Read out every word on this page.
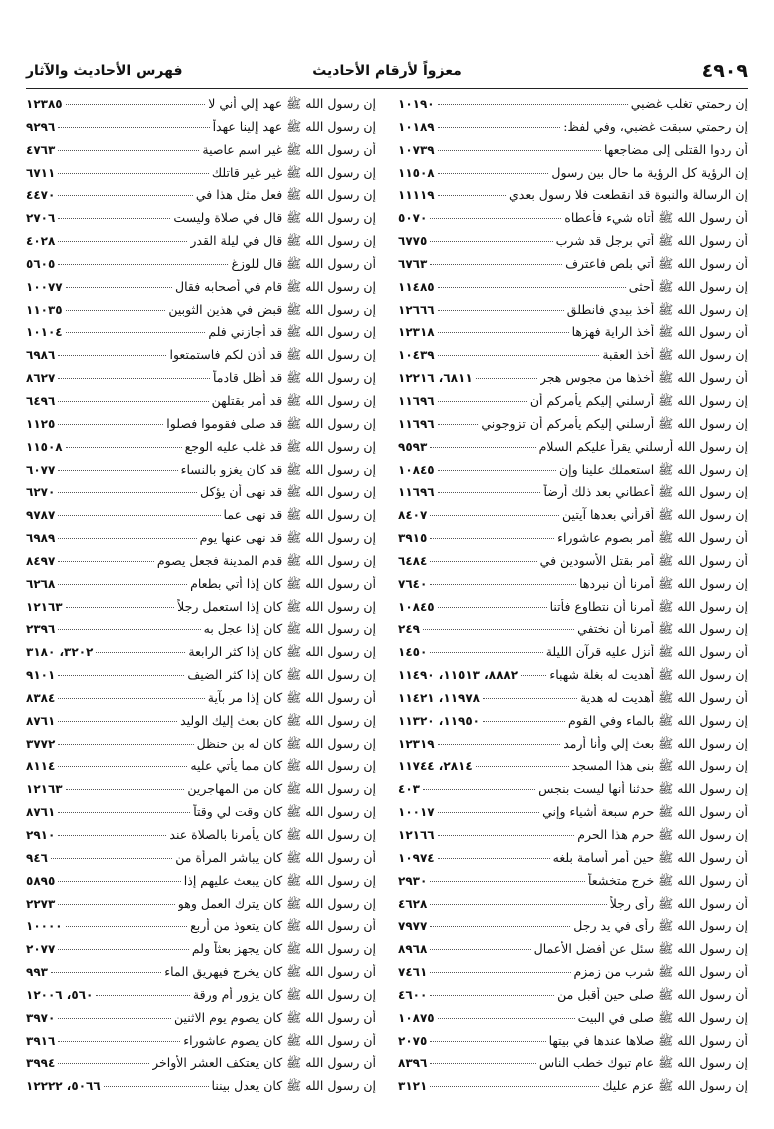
٤٩٠٩
معزواً لأرقام الأحاديث
فهرس الأحاديث والآثار
إن رحمتي تغلب غضبي
١٠١٩٠
إن رحمتي سبقت غضبي، وفي لفظ:
١٠١٨٩
أن ردوا القتلى إلى مضاجعها
١٠٧٣٩
إن الرؤية كل الرؤية ما حال بين رسول
١١٥٠٨
إن الرسالة والنبوة قد انقطعت فلا رسول بعدي
١١١١٩
أن رسول الله ﷺ أتاه شيء فأعطاه
٥٠٧٠
أن رسول الله ﷺ أتي برجل قد شرب
٦٧٧٥
أن رسول الله ﷺ أتي بلص فاعترف
٦٧٦٣
إن رسول الله ﷺ أحثى
١١٤٨٥
إن رسول الله ﷺ أخذ بيدي فانطلق
١٢٦٦٦
أن رسول الله ﷺ أخذ الراية فهزها
١٢٣١٨
إن رسول الله ﷺ أخذ العقبة
١٠٤٣٩
أن رسول الله ﷺ أخذها من مجوس هجر
٦٨١١، ١٢٢١٦
إن رسول الله ﷺ أرسلني إليكم يأمركم أن
١١٦٩٦
إن رسول الله ﷺ أرسلني إليكم يأمركم أن تزوجوني
١١٦٩٦
إن رسول الله أرسلني يقرأ عليكم السلام
٩٥٩٣
إن رسول الله ﷺ استعملك علينا وإن
١٠٨٤٥
إن رسول الله ﷺ أعطاني بعد ذلك أرضاً
١١٦٩٦
إن رسول الله ﷺ أقرأني بعدها آيتين
٨٤٠٧
أن رسول الله ﷺ أمر بصوم عاشوراء
٣٩١٥
أن رسول الله ﷺ أمر بقتل الأسودين في
٦٤٨٤
إن رسول الله ﷺ أمرنا أن نبردها
٧٦٤٠
إن رسول الله ﷺ أمرنا أن نتطاوع فأتنا
١٠٨٤٥
إن رسول الله ﷺ أمرنا أن نختفي
٢٤٩
أن رسول الله ﷺ أنزل عليه قرآن الليلة
١٤٥٠
إن رسول الله ﷺ أهديت له بغلة شهباء
٨٨٨٢، ١١٥١٣، ١١٤٩٠
أن رسول الله ﷺ أهديت له هدية
١١٩٧٨، ١١٤٢١
إن رسول الله ﷺ بالماء وفي القوم
١١٩٥٠، ١١٣٢٠
إن رسول الله ﷺ بعث إلي وأنا أرمد
١٢٣١٩
إن رسول الله ﷺ بنى هذا المسجد
٢٨١٤، ١١٧٤٤
إن رسول الله ﷺ حدثنا أنها ليست بنجس
٤٠٣
أن رسول الله ﷺ حرم سبعة أشياء وإني
١٠٠١٧
إن رسول الله ﷺ حرم هذا الحرم
١٢١٦٦
أن رسول الله ﷺ حين أمر أسامة بلغه
١٠٩٧٤
أن رسول الله ﷺ خرج متخشعاً
٢٩٣٠
أن رسول الله ﷺ رأى رجلاً
٤٦٢٨
إن رسول الله ﷺ رأى في يد رجل
٧٩٧٧
إن رسول الله ﷺ سئل عن أفضل الأعمال
٨٩٦٨
أن رسول الله ﷺ شرب من زمزم
٧٤٦١
أن رسول الله ﷺ صلى حين أقبل من
٤٦٠٠
إن رسول الله ﷺ صلى في البيت
١٠٨٧٥
أن رسول الله ﷺ صلاها عندها في بيتها
٢٠٧٥
إن رسول الله ﷺ عام تبوك خطب الناس
٨٣٩٦
إن رسول الله ﷺ عزم عليك
٣١٢١
إن رسول الله ﷺ عهد إلي أني لا
١٢٣٨٥
إن رسول الله ﷺ عهد إلينا عهداً
٩٢٩٦
أن رسول الله ﷺ غير اسم عاصية
٤٧٦٣
إن رسول الله ﷺ غير غير قاتلك
٦٧١١
إن رسول الله ﷺ فعل مثل هذا في
٤٤٧٠
إن رسول الله ﷺ قال في صلاة وليست
٢٧٠٦
إن رسول الله ﷺ قال في ليلة القدر
٤٠٢٨
أن رسول الله ﷺ قال للوزغ
٥٦٠٥
إن رسول الله ﷺ قام في أصحابه فقال
١٠٠٧٧
إن رسول الله ﷺ قبض في هذين الثوبين
١١٠٣٥
إن رسول الله ﷺ قد أجازني فلم
١٠١٠٤
إن رسول الله ﷺ قد أذن لكم فاستمتعوا
٦٩٨٦
إن رسول الله ﷺ قد أظل قادماً
٨٦٢٧
إن رسول الله ﷺ قد أمر بقتلهن
٦٤٩٦
إن رسول الله ﷺ قد صلى فقوموا فصلوا
١١٢٥
إن رسول الله ﷺ قد غلب عليه الوجع
١١٥٠٨
إن رسول الله ﷺ قد كان يغزو بالنساء
٦٠٧٧
إن رسول الله ﷺ قد نهى أن يؤكل
٦٢٧٠
إن رسول الله ﷺ قد نهى عما
٩٧٨٧
إن رسول الله ﷺ قد نهى عنها يوم
٦٩٨٩
إن رسول الله ﷺ قدم المدينة فجعل يصوم
٨٤٩٧
أن رسول الله ﷺ كان إذا أتي بطعام
٦٢٦٨
إن رسول الله ﷺ كان إذا استعمل رجلاً
١٢١٦٣
إن رسول الله ﷺ كان إذا عجل به
٢٣٩٦
إن رسول الله ﷺ كان إذا كثر الرابعة
٣٢٠٢، ٣١٨٠
إن رسول الله ﷺ كان إذا كثر الضيف
٩١٠١
أن رسول الله ﷺ كان إذا مر بآية
٨٣٨٤
إن رسول الله ﷺ كان بعث إليك الوليد
٨٧٦١
إن رسول الله ﷺ كان له بن حنظل
٣٧٧٢
إن رسول الله ﷺ كان مما يأتي عليه
٨١١٤
إن رسول الله ﷺ كان من المهاجرين
١٢١٦٣
إن رسول الله ﷺ كان وقت لي وقتاً
٨٧٦١
إن رسول الله ﷺ كان يأمرنا بالصلاة عند
٢٩١٠
أن رسول الله ﷺ كان يباشر المرأة من
٩٤٦
إن رسول الله ﷺ كان يبعث عليهم إذا
٥٨٩٥
إن رسول الله ﷺ كان يترك العمل وهو
٢٢٧٣
أن رسول الله ﷺ كان يتعوذ من أربع
١٠٠٠٠
إن رسول الله ﷺ كان يجهز بعثاً ولم
٢٠٧٧
أن رسول الله ﷺ كان يخرج فيهريق الماء
٩٩٣
إن رسول الله ﷺ كان يزور أم ورقة
٥٦٠، ١٢٠٠٦
أن رسول الله ﷺ كان يصوم يوم الاثنين
٣٩٧٠
أن رسول الله ﷺ كان يصوم عاشوراء
٣٩١٦
أن رسول الله ﷺ كان يعتكف العشر الأواخر
٣٩٩٤
إن رسول الله ﷺ كان يعدل بيننا
٥٠٦٦، ١٢٢٢٢
